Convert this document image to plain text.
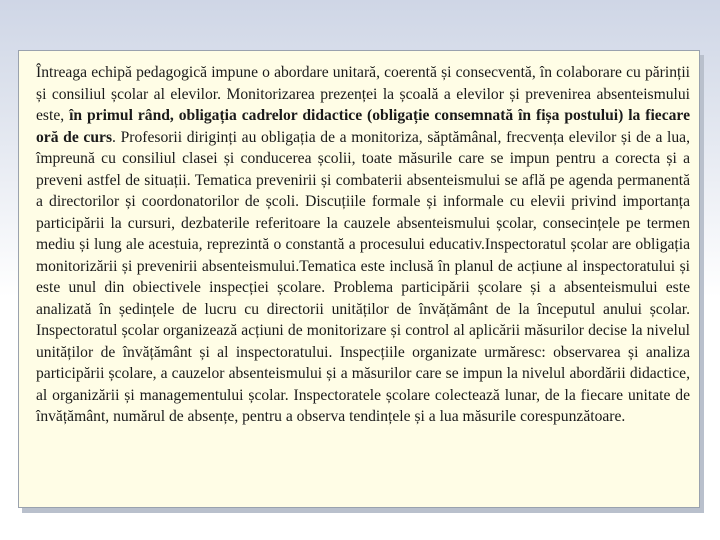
Întreaga echipă pedagogică impune o abordare unitară, coerentă și consecventă, în colaborare cu părinții și consiliul școlar al elevilor. Monitorizarea prezenței la școală a elevilor și prevenirea absenteismului este, în primul rând, obligația cadrelor didactice (obligație consemnată în fișa postului) la fiecare oră de curs. Profesorii diriginți au obligația de a monitoriza, săptămânal, frecvența elevilor și de a lua, împreună cu consiliul clasei și conducerea școlii, toate măsurile care se impun pentru a corecta și a preveni astfel de situații. Tematica prevenirii și combaterii absenteismului se află pe agenda permanentă a directorilor și coordonatorilor de școli. Discuțiile formale și informale cu elevii privind importanța participării la cursuri, dezbaterile referitoare la cauzele absenteismului școlar, consecințele pe termen mediu și lung ale acestuia, reprezintă o constantă a procesului educativ.Inspectoratul școlar are obligația monitorizării și prevenirii absenteismului.Tematica este inclusă în planul de acțiune al inspectoratului și este unul din obiectivele inspecției școlare. Problema participării școlare și a absenteismului este analizată în ședințele de lucru cu directorii unităților de învățământ de la începutul anului școlar. Inspectoratul școlar organizează acțiuni de monitorizare și control al aplicării măsurilor decise la nivelul unităților de învățământ și al inspectoratului. Inspecțiile organizate urmăresc: observarea și analiza participării școlare, a cauzelor absenteismului și a măsurilor care se impun la nivelul abordării didactice, al organizării și managementului școlar. Inspectoratele școlare colectează lunar, de la fiecare unitate de învățământ, numărul de absențe, pentru a observa tendințele și a lua măsurile corespunzătoare.
